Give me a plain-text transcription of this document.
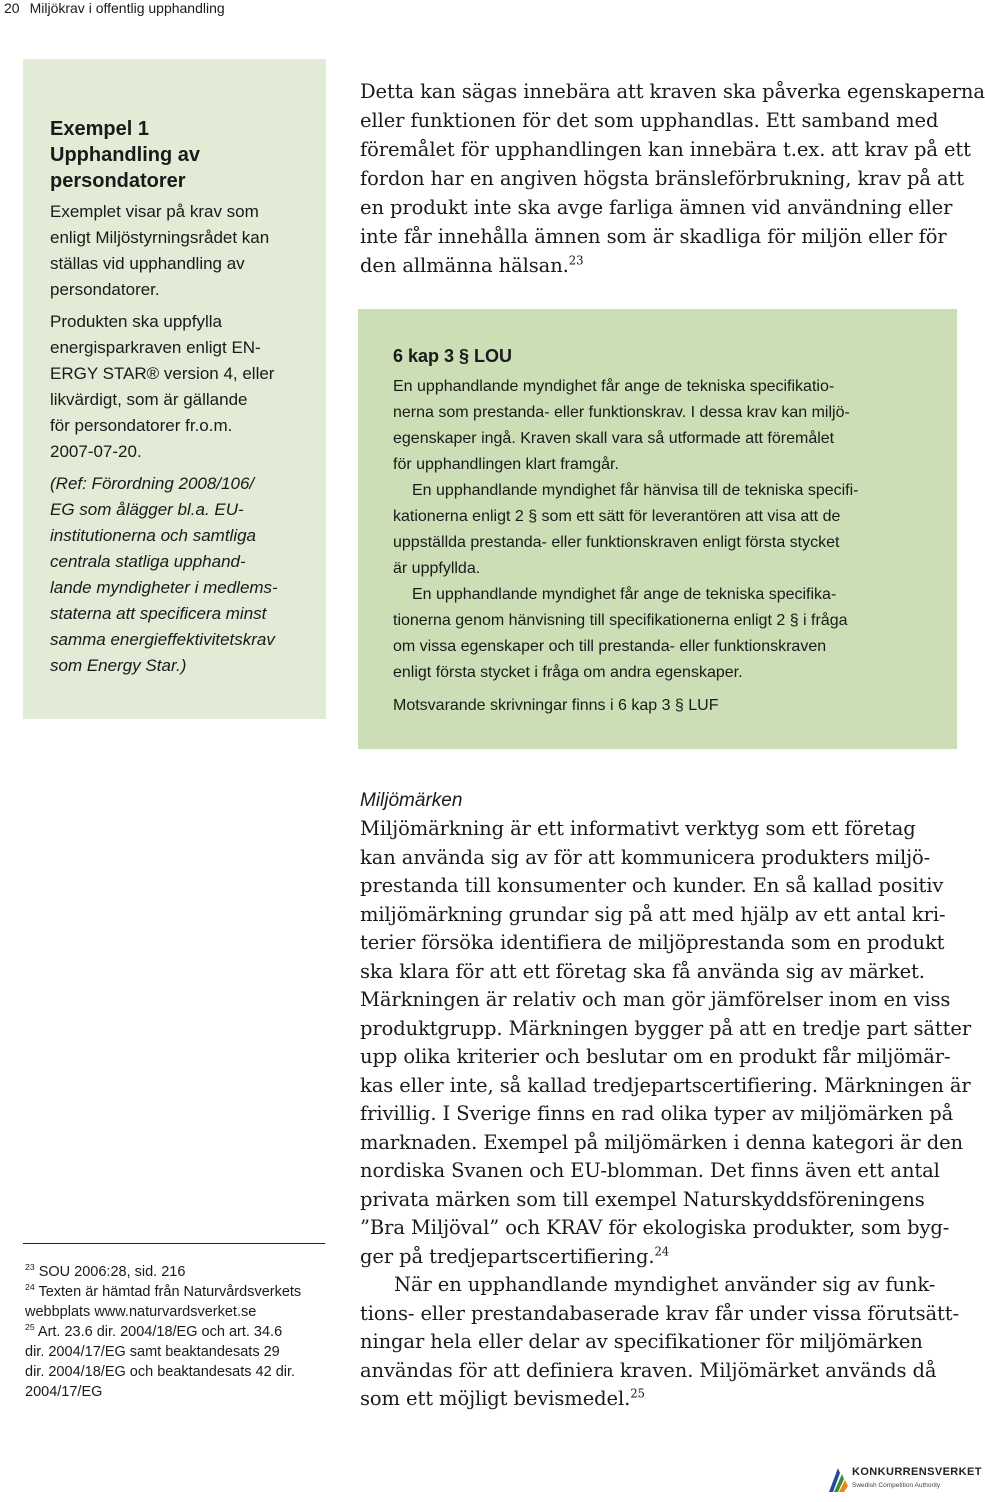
20 Miljökrav i offentlig upphandling
Exempel 1
Upphandling av
persondatorer
Exemplet visar på krav som
enligt Miljöstyrningsrådet kan
ställas vid upphandling av
persondatorer.
Produkten ska uppfylla
energisparkraven enligt EN-
ERGY STAR® version 4, eller
likvärdigt, som är gällande
för persondatorer fr.o.m.
2007-07-20.
(Ref: Förordning 2008/106/
EG som ålägger bl.a. EU-
institutionerna och samtliga
centrala statliga upphand-
lande myndigheter i medlems-
staterna att specificera minst
samma energieffektivitetskrav
som Energy Star.)
Detta kan sägas innebära att kraven ska påverka egenskaperna
eller funktionen för det som upphandlas. Ett samband med
föremålet för upphandlingen kan innebära t.ex. att krav på ett
fordon har en angiven högsta bränsleförbrukning, krav på att
en produkt inte ska avge farliga ämnen vid användning eller
inte får innehålla ämnen som är skadliga för miljön eller för
den allmänna hälsan.$^{23}$
6 kap 3 § LOU
En upphandlande myndighet får ange de tekniska specifikatio-
nerna som prestanda- eller funktionskrav. I dessa krav kan miljö-
egenskaper ingå. Kraven skall vara så utformade att föremålet
för upphandlingen klart framgår.
En upphandlande myndighet får hänvisa till de tekniska specifi-
kationerna enligt 2 § som ett sätt för leverantören att visa att de
uppställda prestanda- eller funktionskraven enligt första stycket
är uppfyllda.
En upphandlande myndighet får ange de tekniska specifika-
tionerna genom hänvisning till specifikationerna enligt 2 § i fråga
om vissa egenskaper och till prestanda- eller funktionskraven
enligt första stycket i fråga om andra egenskaper.
Motsvarande skrivningar finns i 6 kap 3 § LUF
Miljömärken
Miljömärkning är ett informativt verktyg som ett företag
kan använda sig av för att kommunicera produkters miljö-
prestanda till konsumenter och kunder. En så kallad positiv
miljömärkning grundar sig på att med hjälp av ett antal kri-
terier försöka identifiera de miljöprestanda som en produkt
ska klara för att ett företag ska få använda sig av märket.
Märkningen är relativ och man gör jämförelser inom en viss
produktgrupp. Märkningen bygger på att en tredje part sätter
upp olika kriterier och beslutar om en produkt får miljömär-
kas eller inte, så kallad tredjepartscertifiering. Märkningen är
frivillig. I Sverige finns en rad olika typer av miljömärken på
marknaden. Exempel på miljömärken i denna kategori är den
nordiska Svanen och EU-blomman. Det finns även ett antal
privata märken som till exempel Naturskyddsföreningens
”Bra Miljöval” och KRAV för ekologiska produkter, som byg-
ger på tredjepartscertifiering.$^{24}$
När en upphandlande myndighet använder sig av funk-
tions- eller prestandabaserade krav får under vissa förutsätt-
ningar hela eller delar av specifikationer för miljömärken
användas för att definiera kraven. Miljömärket används då
som ett möjligt bevismedel.$^{25}$
$^{23}$ SOU 2006:28, sid. 216
$^{24}$ Texten är hämtad från Naturvårdsverkets
webbplats www.naturvardsverket.se
$^{25}$ Art. 23.6 dir. 2004/18/EG och art. 34.6
dir. 2004/17/EG samt beaktandesats 29
dir. 2004/18/EG och beaktandesats 42 dir.
2004/17/EG
KONKURRENSVERKET
Swedish Competition Authority
